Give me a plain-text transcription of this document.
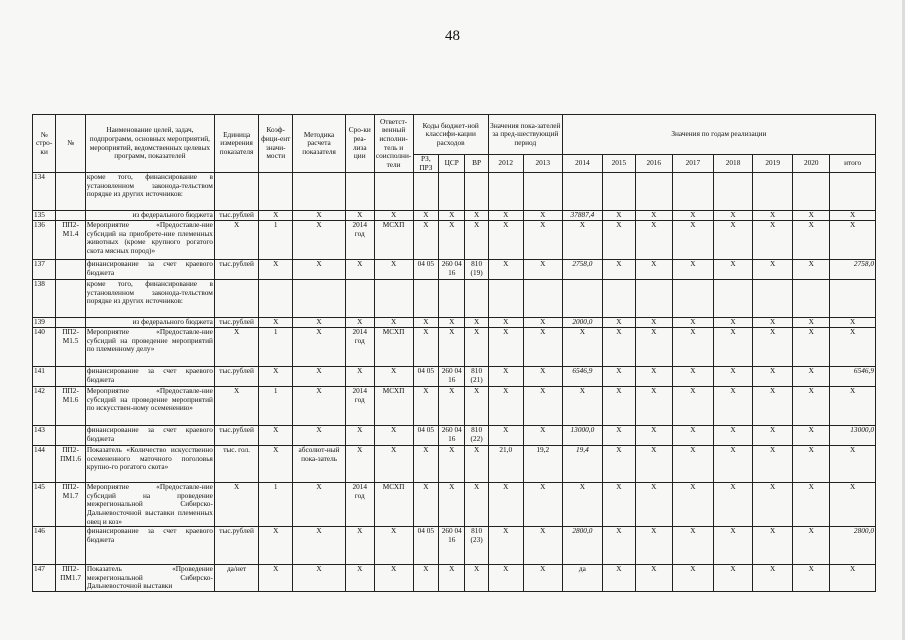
48
№ стро-ки	№	Наименование целей, задач, подпрограмм, основных мероприятий, мероприятий, ведомственных целевых программ, показателей	Единица измерения показателя	Коэф-фици-ент значи-мости	Методика расчета показателя	Сро-ки реа-лиза ции	Ответст-венный исполни-тель и соисполни-тели	Коды бюджет-ной классифи-кации расходов			Значения пока-зателей за пред-шествующий период		Значения по годам реализации							
								РЗ, ПРЗ	ЦСР	ВР	2012	2013	2014	2015	2016	2017	2018	2019	2020	итого
134		кроме того, финансирование в установленном законода-тельством порядке из других источников:																		
135		из федерального бюджета	тыс.рублей	X	X	X	X	X	X	X	X	X	37887,4	X	X	X	X	X	X	X
136	ПП2-М1.4	Мероприятие «Предоставле-ние субсидий на приобрете-ние племенных животных (кроме крупного рогатого скота мясных пород)»	X	1	X	2014 год	МСХП	X	X	X	X	X	X	X	X	X	X	X	X	X
137		финансирование за счет краевого бюджета	тыс.рублей	X	X	X	X	04 05	260 04 16	810 (19)	X	X	2758,0	X	X	X	X	X	X	2758,0
138		кроме того, финансирование в установленном законода-тельством порядке из других источников:																		
139		из федерального бюджета	тыс.рублей	X	X	X	X	X	X	X	X	X	2000,0	X	X	X	X	X	X	X
140	ПП2-М1.5	Мероприятие «Предоставле-ние субсидий на проведение мероприятий по племенному делу»	X	1	X	2014 год	МСХП	X	X	X	X	X	X	X	X	X	X	X	X	X
141		финансирование за счет краевого бюджета	тыс.рублей	X	X	X	X	04 05	260 04 16	810 (21)	X	X	6546,9	X	X	X	X	X	X	6546,9
142	ПП2-М1.6	Мероприятие «Предоставле-ние субсидий на проведение мероприятий по искусствен-ному осеменению»	X	1	X	2014 год	МСХП	X	X	X	X	X	X	X	X	X	X	X	X	X
143		финансирование за счет краевого бюджета	тыс.рублей	X	X	X	X	04 05	260 04 16	810 (22)	X	X	13000,0	X	X	X	X	X	X	13000,0
144	ПП2-ПМ1.6	Показатель «Количество искусственно осемененного маточного поголовья крупно-го рогатого скота»	тыс. гол.	X	абсолют-ный пока-затель	X	X	X	X	X	21,0	19,2	19,4	X	X	X	X	X	X	X
145	ПП2-М1.7	Мероприятие «Предоставле-ние субсидий на проведение межрегиональной Сибирско-Дальневосточной выставки племенных овец и коз»	X	1	X	2014 год	МСХП	X	X	X	X	X	X	X	X	X	X	X	X	X
146		финансирование за счет краевого бюджета	тыс.рублей	X	X	X	X	04 05	260 04 16	810 (23)	X	X	2800,0	X	X	X	X	X	X	2800,0
147	ПП2-ПМ1.7	Показатель «Проведение межрегиональной Сибирско-Дальневосточной выставки	да/нет	X	X	X	X	X	X	X	X	X	да	X	X	X	X	X	X	X
